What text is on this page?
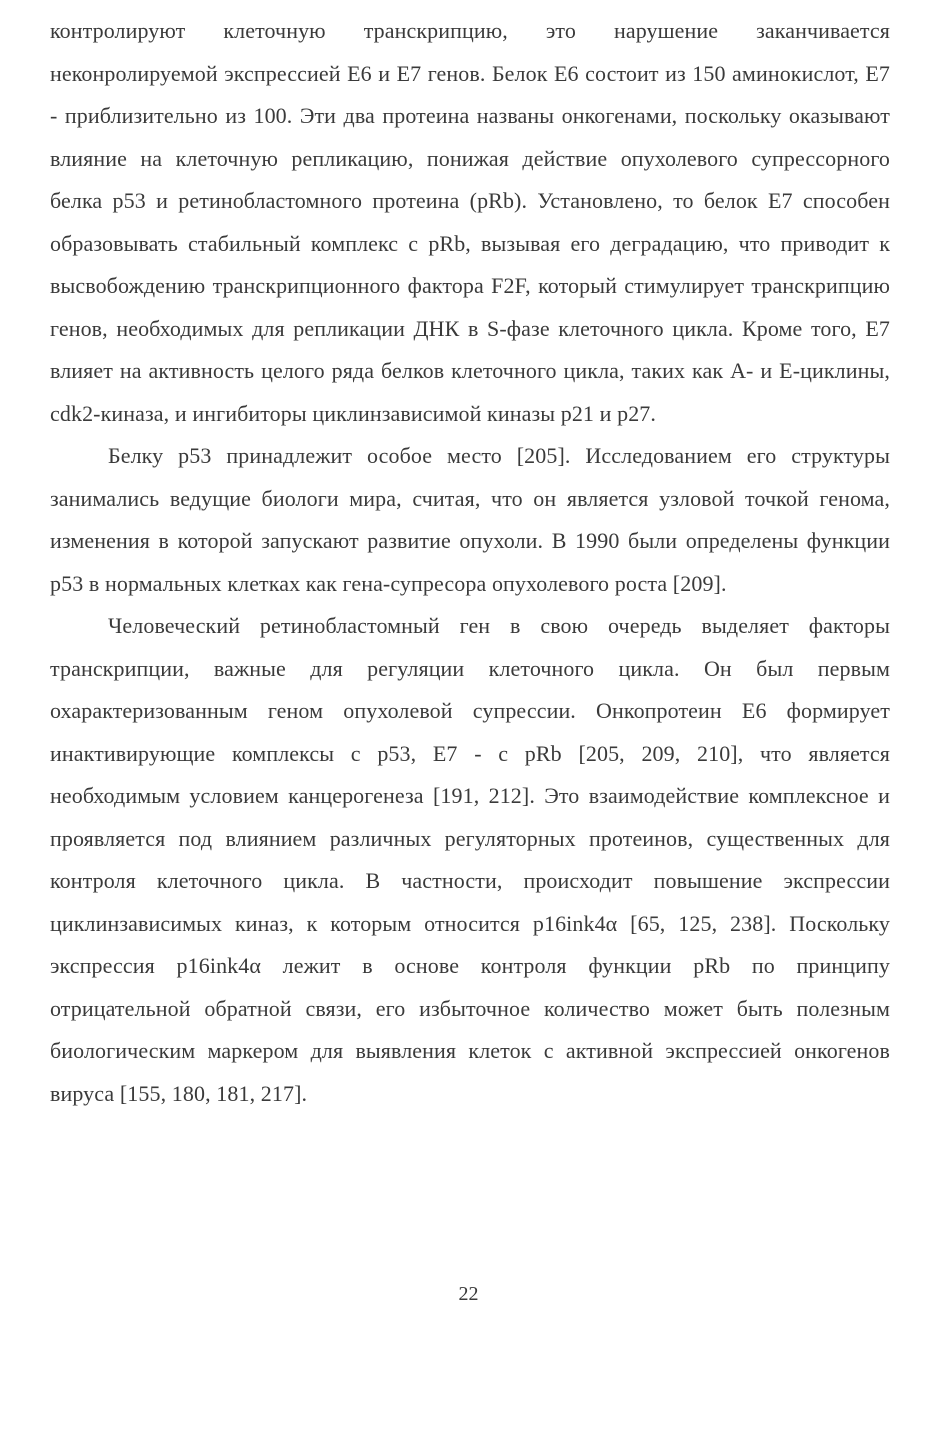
контролируют клеточную транскрипцию, это нарушение заканчивается неконролируемой экспрессией E6 и E7 генов. Белок E6 состоит из 150 аминокислот, E7 - приблизительно из 100. Эти два протеина названы онкогенами, поскольку оказывают влияние на клеточную репликацию, понижая действие опухолевого супрессорного белка p53 и ретинобластомного протеина (pRb). Установлено, то белок E7 способен образовывать стабильный комплекс с pRb, вызывая его деградацию, что приводит к высвобождению транскрипционного фактора F2F, который стимулирует транскрипцию генов, необходимых для репликации ДНК в S-фазе клеточного цикла. Кроме того, E7 влияет на активность целого ряда белков клеточного цикла, таких как A- и E-циклины, cdk2-киназа, и ингибиторы циклинзависимой киназы p21 и p27.

Белку p53 принадлежит особое место [205]. Исследованием его структуры занимались ведущие биологи мира, считая, что он является узловой точкой генома, изменения в которой запускают развитие опухоли. В 1990 были определены функции p53 в нормальных клетках как гена-супресора опухолевого роста [209].

Человеческий ретинобластомный ген в свою очередь выделяет факторы транскрипции, важные для регуляции клеточного цикла. Он был первым охарактеризованным геном опухолевой супрессии. Онкопротеин E6 формирует инактивирующие комплексы с p53, E7 - с pRb [205, 209, 210], что является необходимым условием канцерогенеза [191, 212]. Это взаимодействие комплексное и проявляется под влиянием различных регуляторных протеинов, существенных для контроля клеточного цикла. В частности, происходит повышение экспрессии циклинзависимых киназ, к которым относится p16ink4α [65, 125, 238]. Поскольку экспрессия p16ink4α лежит в основе контроля функции pRb по принципу отрицательной обратной связи, его избыточное количество может быть полезным биологическим маркером для выявления клеток с активной экспрессией онкогенов вируса [155, 180, 181, 217].

22
